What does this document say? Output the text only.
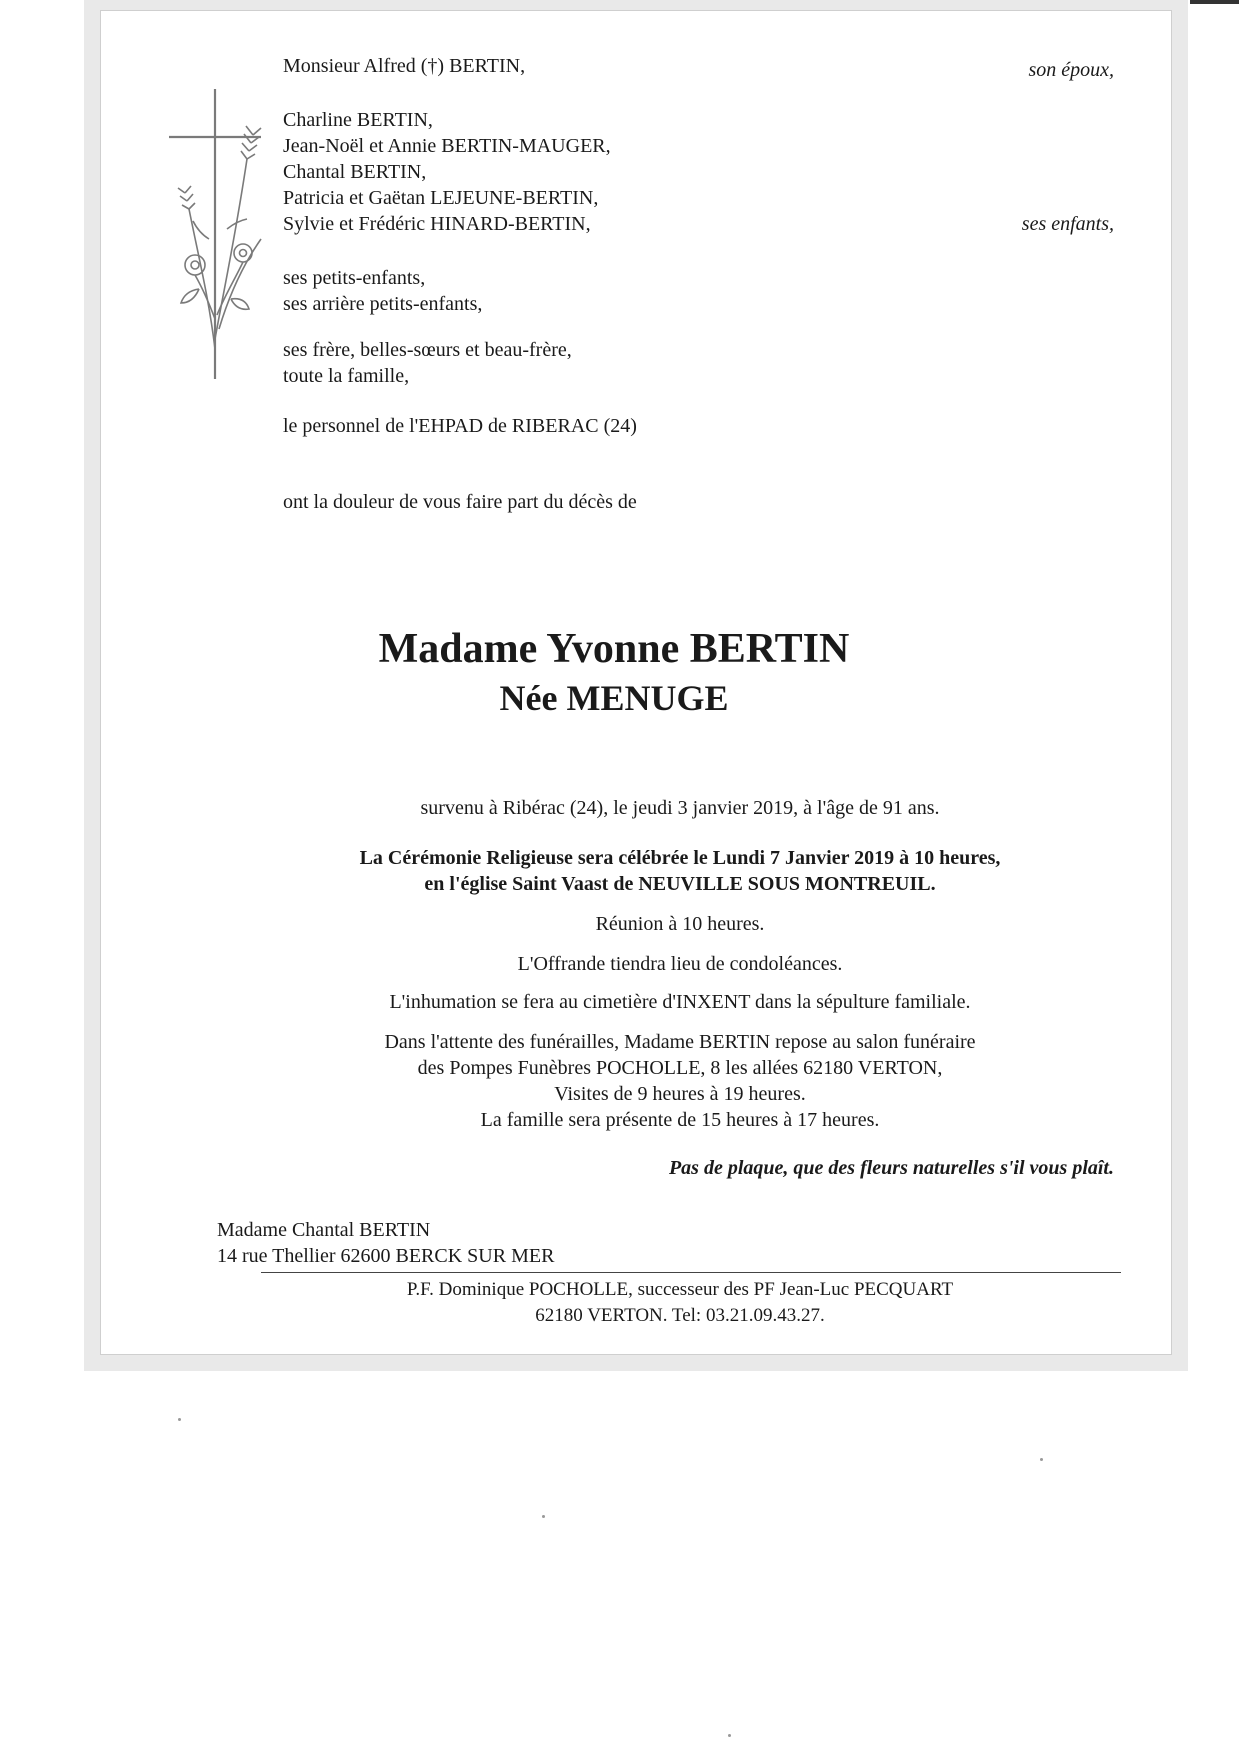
Monsieur Alfred (†) BERTIN,	son époux,
Charline BERTIN,
Jean-Noël et Annie BERTIN-MAUGER,
Chantal BERTIN,
Patricia et Gaëtan LEJEUNE-BERTIN,
Sylvie et Frédéric HINARD-BERTIN,	ses enfants,
ses petits-enfants,
ses arrière petits-enfants,
ses frère, belles-sœurs et beau-frère,
toute la famille,
le personnel de l'EHPAD de RIBERAC (24)
ont la douleur de vous faire part du décès de
Madame Yvonne BERTIN
Née MENUGE
survenu à Ribérac (24), le jeudi 3 janvier 2019, à l'âge de 91 ans.
La Cérémonie Religieuse sera célébrée le Lundi 7 Janvier 2019 à 10 heures,
en l'église Saint Vaast de NEUVILLE SOUS MONTREUIL.
Réunion à 10 heures.
L'Offrande tiendra lieu de condoléances.
L'inhumation se fera au cimetière d'INXENT dans la sépulture familiale.
Dans l'attente des funérailles, Madame BERTIN repose au salon funéraire
des Pompes Funèbres POCHOLLE, 8 les allées 62180 VERTON,
Visites de 9 heures à 19 heures.
La famille sera présente de 15 heures à 17 heures.
Pas de plaque, que des fleurs naturelles s'il vous plaît.
Madame Chantal BERTIN
14 rue Thellier 62600 BERCK SUR MER
P.F. Dominique POCHOLLE, successeur des PF Jean-Luc PECQUART
62180 VERTON. Tel: 03.21.09.43.27.
